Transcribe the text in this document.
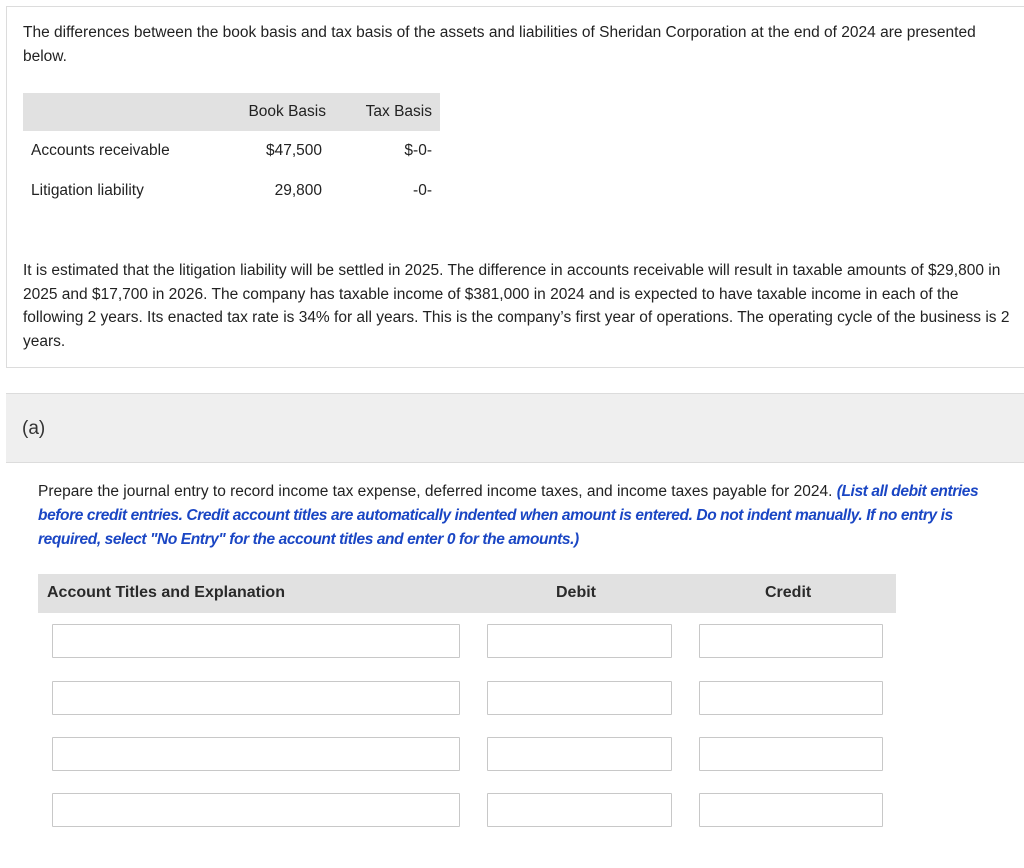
The differences between the book basis and tax basis of the assets and liabilities of Sheridan Corporation at the end of 2024 are presented below.

	Book Basis	Tax Basis
Accounts receivable	$47,500	$-0-
Litigation liability	29,800	-0-

It is estimated that the litigation liability will be settled in 2025. The difference in accounts receivable will result in taxable amounts of $29,800 in 2025 and $17,700 in 2026. The company has taxable income of $381,000 in 2024 and is expected to have taxable income in each of the following 2 years. Its enacted tax rate is 34% for all years. This is the company’s first year of operations. The operating cycle of the business is 2 years.

(a)

Prepare the journal entry to record income tax expense, deferred income taxes, and income taxes payable for 2024. (List all debit entries before credit entries. Credit account titles are automatically indented when amount is entered. Do not indent manually. If no entry is required, select "No Entry" for the account titles and enter 0 for the amounts.)

Account Titles and Explanation	Debit	Credit
